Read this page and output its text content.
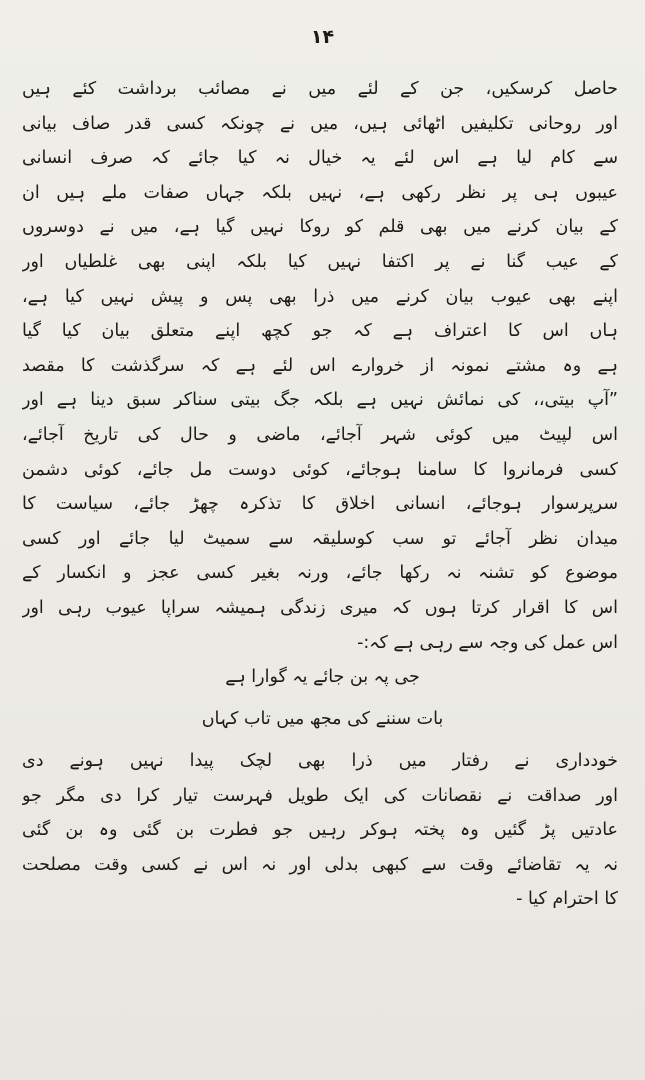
۱۴
حاصل کرسکیں، جن کے لئے میں نے مصائب برداشت کئے ہیں
اور روحانی تکلیفیں اٹھائی ہیں، میں نے چونکہ کسی قدر صاف بیانی
سے کام لیا ہے اس لئے یہ خیال نہ کیا جائے کہ صرف انسانی
عیبوں ہی پر نظر رکھی ہے، نہیں بلکہ جہاں صفات ملے ہیں ان
کے بیان کرنے میں بھی قلم کو روکا نہیں گیا ہے، میں نے دوسروں
کے عیب گنا نے پر اکتفا نہیں کیا بلکہ اپنی بھی غلطیاں اور
اپنے بھی عیوب بیان کرنے میں ذرا بھی پس و پیش نہیں کیا ہے،
ہاں اس کا اعتراف ہے کہ جو کچھ اپنے متعلق بیان کیا گیا
ہے وہ مشتے نمونہ از خروارے اس لئے ہے کہ سرگذشت کا مقصد
”آپ بیتی،، کی نمائش نہیں ہے بلکہ جگ بیتی سناکر سبق دینا ہے اور
اس لپیٹ میں کوئی شہر آجائے، ماضی و حال کی تاریخ آجائے،
کسی فرمانروا کا سامنا ہوجائے، کوئی دوست مل جائے، کوئی دشمن
سرپرسوار ہوجائے، انسانی اخلاق کا تذکرہ چھڑ جائے، سیاست کا
میدان نظر آجائے تو سب کوسلیقہ سے سمیٹ لیا جائے اور کسی
موضوع کو تشنہ نہ رکھا جائے، ورنہ بغیر کسی عجز و انکسار کے
اس کا اقرار کرتا ہوں کہ میری زندگی ہمیشہ سراپا عیوب رہی اور
اس عمل کی وجہ سے رہی ہے کہ:-
جی پہ بن جائے یہ گوارا ہے
بات سننے کی مجھ میں تاب کہاں
خودداری نے رفتار میں ذرا بھی لچک پیدا نہیں ہونے دی
اور صداقت نے نقصانات کی ایک طویل فہرست تیار کرا دی مگر جو
عادتیں پڑ گئیں وہ پختہ ہوکر رہیں جو فطرت بن گئی وہ بن گئی
نہ یہ تقاضائے وقت سے کبھی بدلی اور نہ اس نے کسی وقت مصلحت
کا احترام کیا -
